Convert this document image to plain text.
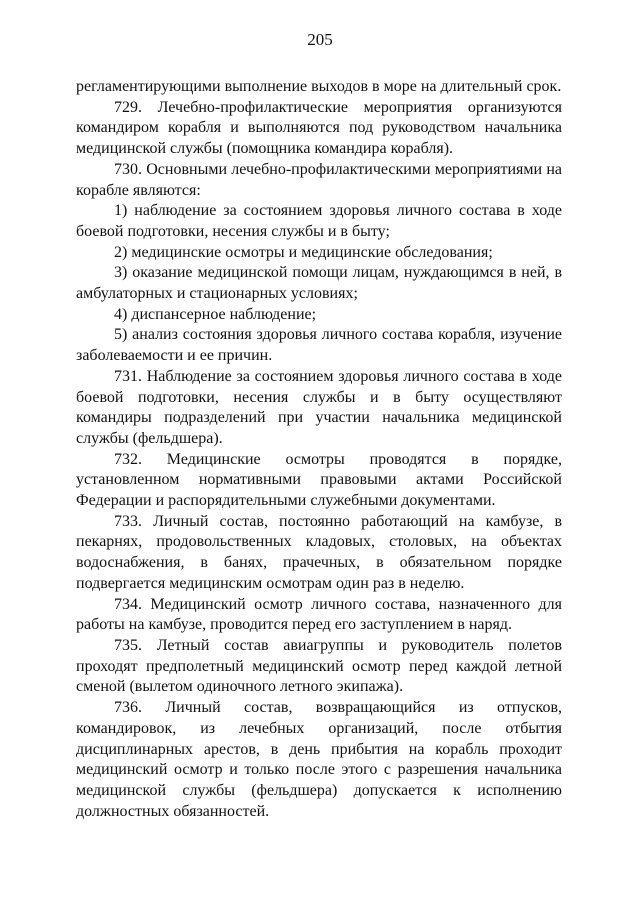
205

регламентирующими выполнение выходов в море на длительный срок.

729. Лечебно-профилактические мероприятия организуются командиром корабля и выполняются под руководством начальника медицинской службы (помощника командира корабля).

730. Основными лечебно-профилактическими мероприятиями на корабле являются:

1) наблюдение за состоянием здоровья личного состава в ходе боевой подготовки, несения службы и в быту;

2) медицинские осмотры и медицинские обследования;

3) оказание медицинской помощи лицам, нуждающимся в ней, в амбулаторных и стационарных условиях;

4) диспансерное наблюдение;

5) анализ состояния здоровья личного состава корабля, изучение заболеваемости и ее причин.

731. Наблюдение за состоянием здоровья личного состава в ходе боевой подготовки, несения службы и в быту осуществляют командиры подразделений при участии начальника медицинской службы (фельдшера).

732. Медицинские осмотры проводятся в порядке, установленном нормативными правовыми актами Российской Федерации и распорядительными служебными документами.

733. Личный состав, постоянно работающий на камбузе, в пекарнях, продовольственных кладовых, столовых, на объектах водоснабжения, в банях, прачечных, в обязательном порядке подвергается медицинским осмотрам один раз в неделю.

734. Медицинский осмотр личного состава, назначенного для работы на камбузе, проводится перед его заступлением в наряд.

735. Летный состав авиагруппы и руководитель полетов проходят предполетный медицинский осмотр перед каждой летной сменой (вылетом одиночного летного экипажа).

736. Личный состав, возвращающийся из отпусков, командировок, из лечебных организаций, после отбытия дисциплинарных арестов, в день прибытия на корабль проходит медицинский осмотр и только после этого с разрешения начальника медицинской службы (фельдшера) допускается к исполнению должностных обязанностей.
